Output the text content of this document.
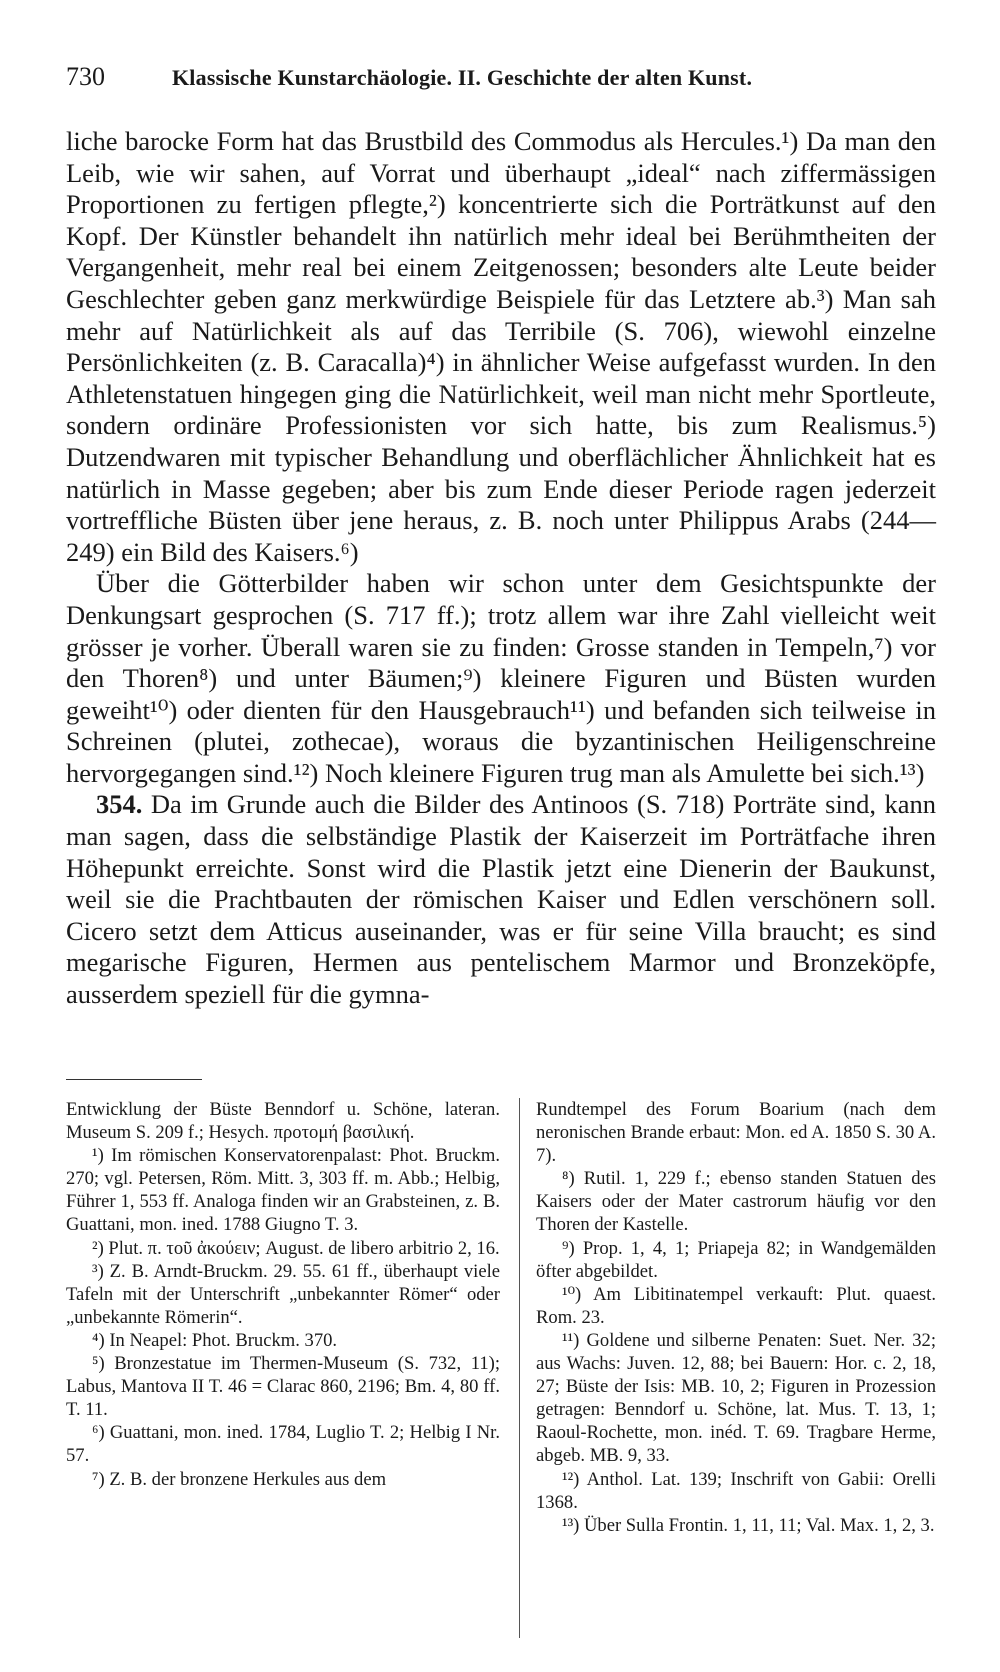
730	Klassische Kunstarchäologie. II. Geschichte der alten Kunst.

liche barocke Form hat das Brustbild des Commodus als Hercules.¹) Da man den Leib, wie wir sahen, auf Vorrat und überhaupt „ideal“ nach ziffermässigen Proportionen zu fertigen pflegte,²) koncentrierte sich die Porträtkunst auf den Kopf. Der Künstler behandelt ihn natürlich mehr ideal bei Berühmtheiten der Vergangenheit, mehr real bei einem Zeitgenossen; besonders alte Leute beider Geschlechter geben ganz merkwürdige Beispiele für das Letztere ab.³) Man sah mehr auf Natürlichkeit als auf das Terribile (S. 706), wiewohl einzelne Persönlichkeiten (z. B. Caracalla)⁴) in ähnlicher Weise aufgefasst wurden. In den Athletenstatuen hingegen ging die Natürlichkeit, weil man nicht mehr Sportleute, sondern ordinäre Professionisten vor sich hatte, bis zum Realismus.⁵) Dutzendwaren mit typischer Behandlung und oberflächlicher Ähnlichkeit hat es natürlich in Masse gegeben; aber bis zum Ende dieser Periode ragen jederzeit vortreffliche Büsten über jene heraus, z. B. noch unter Philippus Arabs (244—249) ein Bild des Kaisers.⁶)

Über die Götterbilder haben wir schon unter dem Gesichtspunkte der Denkungsart gesprochen (S. 717 ff.); trotz allem war ihre Zahl vielleicht weit grösser je vorher. Überall waren sie zu finden: Grosse standen in Tempeln,⁷) vor den Thoren⁸) und unter Bäumen;⁹) kleinere Figuren und Büsten wurden geweiht¹⁰) oder dienten für den Hausgebrauch¹¹) und befanden sich teilweise in Schreinen (plutei, zothecae), woraus die byzantinischen Heiligenschreine hervorgegangen sind.¹²) Noch kleinere Figuren trug man als Amulette bei sich.¹³)

354. Da im Grunde auch die Bilder des Antinoos (S. 718) Porträte sind, kann man sagen, dass die selbständige Plastik der Kaiserzeit im Porträtfache ihren Höhepunkt erreichte. Sonst wird die Plastik jetzt eine Dienerin der Baukunst, weil sie die Prachtbauten der römischen Kaiser und Edlen verschönern soll. Cicero setzt dem Atticus auseinander, was er für seine Villa braucht; es sind megarische Figuren, Hermen aus pentelischem Marmor und Bronzeköpfe, ausserdem speziell für die gymna-

Entwicklung der Büste Benndorf u. Schöne, lateran. Museum S. 209 f.; Hesych. προτομή βασιλική.

¹) Im römischen Konservatorenpalast: Phot. Bruckm. 270; vgl. Petersen, Röm. Mitt. 3, 303 ff. m. Abb.; Helbig, Führer 1, 553 ff. Analoga finden wir an Grabsteinen, z. B. Guattani, mon. ined. 1788 Giugno T. 3.

²) Plut. π. τοῦ ἀκούειν; August. de libero arbitrio 2, 16.

³) Z. B. Arndt-Bruckm. 29. 55. 61 ff., überhaupt viele Tafeln mit der Unterschrift „unbekannter Römer“ oder „unbekannte Römerin“.

⁴) In Neapel: Phot. Bruckm. 370.

⁵) Bronzestatue im Thermen-Museum (S. 732, 11); Labus, Mantova II T. 46 = Clarac 860, 2196; Bm. 4, 80 ff. T. 11.

⁶) Guattani, mon. ined. 1784, Luglio T. 2; Helbig I Nr. 57.

⁷) Z. B. der bronzene Herkules aus dem

Rundtempel des Forum Boarium (nach dem neronischen Brande erbaut: Mon. ed A. 1850 S. 30 A. 7).

⁸) Rutil. 1, 229 f.; ebenso standen Statuen des Kaisers oder der Mater castrorum häufig vor den Thoren der Kastelle.

⁹) Prop. 1, 4, 1; Priapeja 82; in Wandgemälden öfter abgebildet.

¹⁰) Am Libitinatempel verkauft: Plut. quaest. Rom. 23.

¹¹) Goldene und silberne Penaten: Suet. Ner. 32; aus Wachs: Juven. 12, 88; bei Bauern: Hor. c. 2, 18, 27; Büste der Isis: MB. 10, 2; Figuren in Prozession getragen: Benndorf u. Schöne, lat. Mus. T. 13, 1; Raoul-Rochette, mon. inéd. T. 69. Tragbare Herme, abgeb. MB. 9, 33.

¹²) Anthol. Lat. 139; Inschrift von Gabii: Orelli 1368.

¹³) Über Sulla Frontin. 1, 11, 11; Val. Max. 1, 2, 3.
